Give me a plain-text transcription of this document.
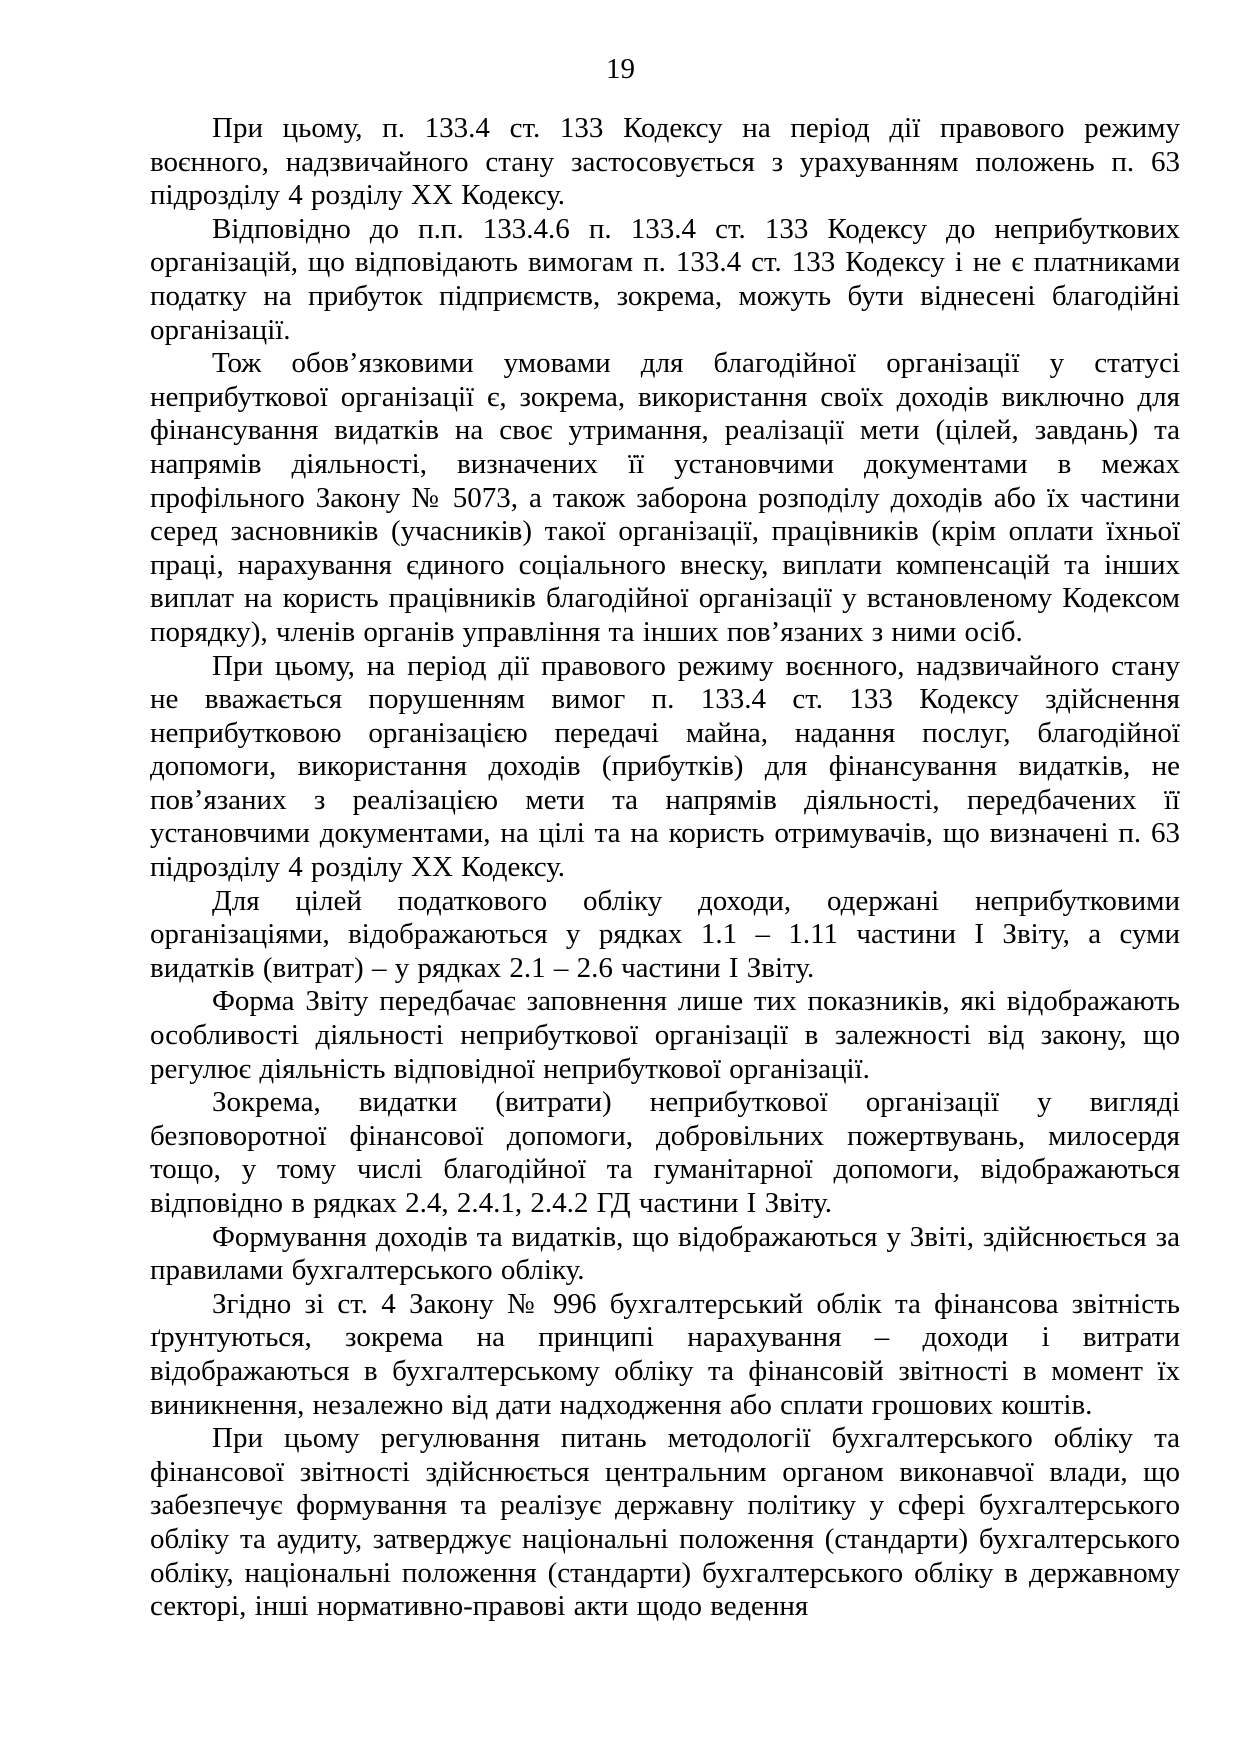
19

При цьому, п. 133.4 ст. 133 Кодексу на період дії правового режиму воєнного, надзвичайного стану застосовується з урахуванням положень п. 63 підрозділу 4 розділу ХХ Кодексу.

Відповідно до п.п. 133.4.6 п. 133.4 ст. 133 Кодексу до неприбуткових організацій, що відповідають вимогам п. 133.4 ст. 133 Кодексу і не є платниками податку на прибуток підприємств, зокрема, можуть бути віднесені благодійні організації.

Тож обов’язковими умовами для благодійної організації у статусі неприбуткової організації є, зокрема, використання своїх доходів виключно для фінансування видатків на своє утримання, реалізації мети (цілей, завдань) та напрямів діяльності, визначених її установчими документами в межах профільного Закону № 5073, а також заборона розподілу доходів або їх частини серед засновників (учасників) такої організації, працівників (крім оплати їхньої праці, нарахування єдиного соціального внеску, виплати компенсацій та інших виплат на користь працівників благодійної організації у встановленому Кодексом порядку), членів органів управління та інших пов’язаних з ними осіб.

При цьому, на період дії правового режиму воєнного, надзвичайного стану не вважається порушенням вимог п. 133.4 ст. 133 Кодексу здійснення неприбутковою організацією передачі майна, надання послуг, благодійної допомоги, використання доходів (прибутків) для фінансування видатків, не пов’язаних з реалізацією мети та напрямів діяльності, передбачених її установчими документами, на цілі та на користь отримувачів, що визначені п. 63 підрозділу 4 розділу ХХ Кодексу.

Для цілей податкового обліку доходи, одержані неприбутковими організаціями, відображаються у рядках 1.1 – 1.11 частини І Звіту, а суми видатків (витрат) – у рядках 2.1 – 2.6 частини І Звіту.

Форма Звіту передбачає заповнення лише тих показників, які відображають особливості діяльності неприбуткової організації в залежності від закону, що регулює діяльність відповідної неприбуткової організації.

Зокрема, видатки (витрати) неприбуткової організації у вигляді безповоротної фінансової допомоги, добровільних пожертвувань, милосердя тощо, у тому числі благодійної та гуманітарної допомоги, відображаються відповідно в рядках 2.4, 2.4.1, 2.4.2 ГД частини І Звіту.

Формування доходів та видатків, що відображаються у Звіті, здійснюється за правилами бухгалтерського обліку.

Згідно зі ст. 4 Закону № 996 бухгалтерський облік та фінансова звітність ґрунтуються, зокрема на принципі нарахування – доходи і витрати відображаються в бухгалтерському обліку та фінансовій звітності в момент їх виникнення, незалежно від дати надходження або сплати грошових коштів.

При цьому регулювання питань методології бухгалтерського обліку та фінансової звітності здійснюється центральним органом виконавчої влади, що забезпечує формування та реалізує державну політику у сфері бухгалтерського обліку та аудиту, затверджує національні положення (стандарти) бухгалтерського обліку, національні положення (стандарти) бухгалтерського обліку в державному секторі, інші нормативно-правові акти щодо ведення
